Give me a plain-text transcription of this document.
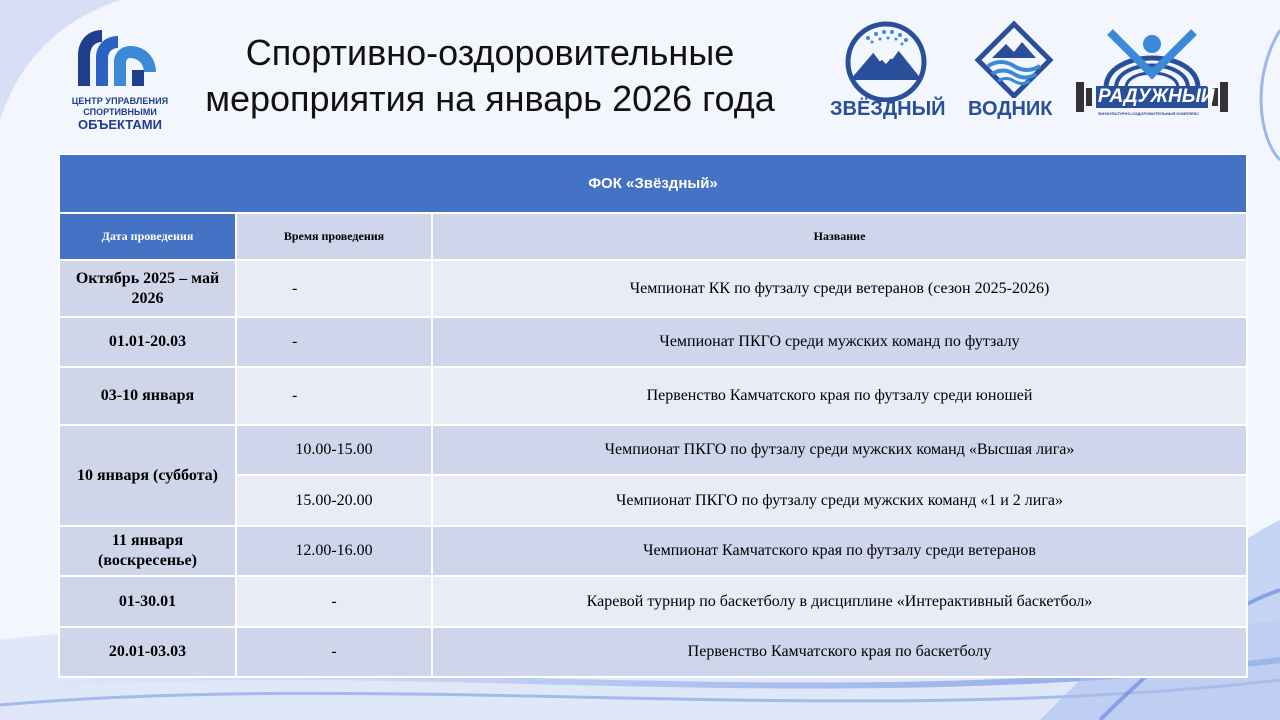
ЦЕНТР УПРАВЛЕНИЯ
СПОРТИВНЫМИ
ОБЪЕКТАМИ
Спортивно-оздоровительные
мероприятия на январь 2026 года	ЗВЁЗДНЫЙ ВОДНИК
РАДУЖНЫЙ
ФИЗКУЛЬТУРНО-ОЗДОРОВИТЕЛЬНЫЙ КОМПЛЕКС
ФОК «Звёздный»		
Дата проведения	Время проведения	Название
Октябрь 2025 – май 2026	-	Чемпионат КК по футзалу среди ветеранов (сезон 2025-2026)
01.01-20.03	-	Чемпионат ПКГО среди мужских команд по футзалу
03-10 января	-	Первенство Камчатского края по футзалу среди юношей
10 января (суббота)	10.00-15.00	Чемпионат ПКГО по футзалу среди мужских команд «Высшая лига»
	15.00-20.00	Чемпионат ПКГО по футзалу среди мужских команд «1 и 2 лига»
11 января (воскресенье)	12.00-16.00	Чемпионат Камчатского края по футзалу среди ветеранов
01-30.01	-	Каревой турнир по баскетболу в дисциплине «Интерактивный баскетбол»
20.01-03.03	-	Первенство Камчатского края по баскетболу
